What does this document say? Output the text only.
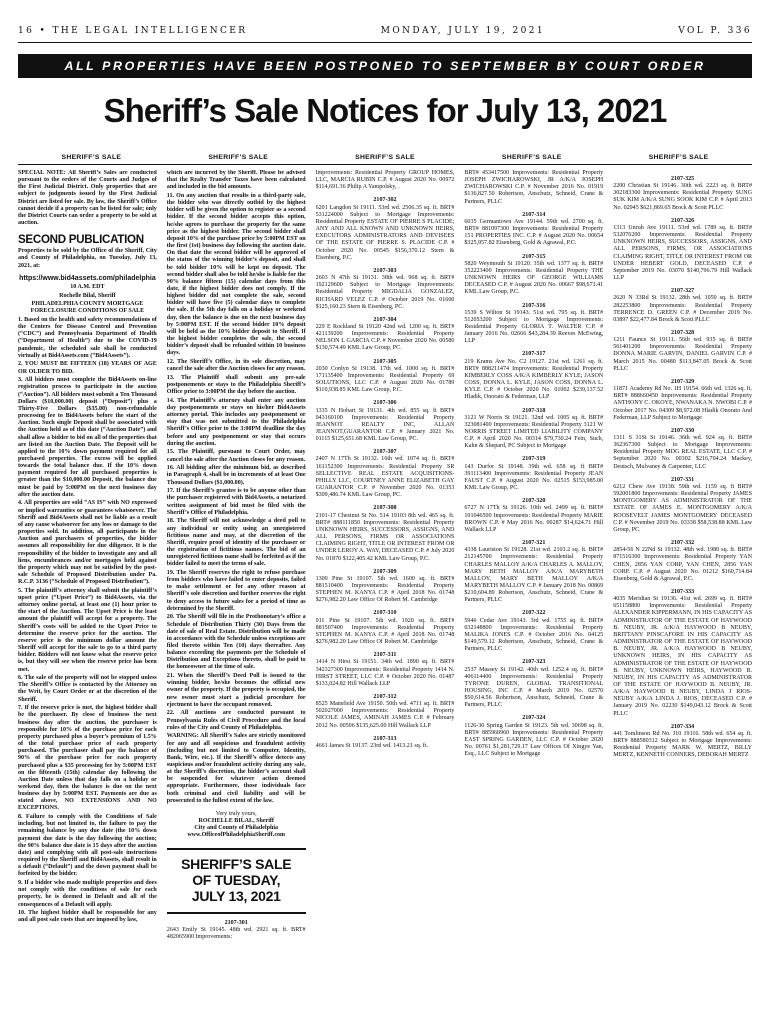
16 • THE LEGAL INTELLIGENCER	MONDAY, JULY 19, 2021	VOL P. 336
ALL PROPERTIES HAVE BEEN POSTPONED TO SEPTEMBER BY COURT ORDER
Sheriff’s Sale Notices for July 13, 2021
SHERIFF’S SALE	SHERIFF’S SALE	SHERIFF’S SALE	SHERIFF’S SALE	SHERIFF’S SALE

SPECIAL NOTE: All Sheriff’s Sales are conducted pursuant to the orders of the Courts and Judges of the First Judicial District. Only properties that are subject to judgments issued by the First Judicial District are listed for sale. By law, the Sheriff’s Office cannot decide if a property can be listed for sale; only the District Courts can order a property to be sold at auction.

SECOND PUBLICATION

Properties to be sold by the Office of the Sheriff, City and County of Philadelphia, on Tuesday, July 13, 2021, at:

https://www.bid4assets.com/philadelphia

10 A.M. EDT

Rochelle Bilal, Sheriff

PHILADELPHIA COUNTY MORTGAGE FORECLOSURE CONDITIONS OF SALE

1. Based on the health and safety recommendations of the Centers for Disease Control and Prevention (“CDC”) and Pennsylvania Department of Health (“Department of Health”) due to the COVID-19 pandemic, the scheduled sale shall be conducted virtually at Bid4Assets.com (“Bid4Assets”).

2. YOU MUST BE FIFTEEN (18) YEARS OF AGE OR OLDER TO BID.

3. All bidders must complete the Bid4Assets on-line registration process to participate in the auction (“Auction”). All bidders must submit a Ten Thousand Dollars ($10,000.00) deposit (“Deposit”) plus a Thirty-Five Dollars ($35.00) non-refundable processing fee to Bid4Assets before the start of the Auction. Such single Deposit shall be associated with the Auction held as of this date (“Auction Date”) and shall allow a bidder to bid on all of the properties that are listed on the Auction Date. The Deposit will be applied to the 10% down payment required for all purchased properties. The excess will be applied towards the total balance due. If the 10% down payment required for all purchased properties is greater than the $10,000.00 Deposit, the balance due must be paid by 5:00PM on the next business day after the auction date.

4. All properties are sold “AS IS” with NO expressed or implied warranties or guarantees whatsoever. The Sheriff and Bid4Assets shall not be liable as a result of any cause whatsoever for any loss or damage to the properties sold. In addition, all participants in the Auction and purchasers of properties, the bidder assumes all responsibility for due diligence. It is the responsibility of the bidder to investigate any and all liens, encumbrances and/or mortgages held against the property which may not be satisfied by the post-sale Schedule of Proposed Distribution under Pa. R.C.P. 3136 (“Schedule of Proposed Distribution”).

5. The plaintiff’s attorney shall submit the plaintiff’s upset price (“Upset Price”) to Bid4Assets, via the attorney online portal, at least one (1) hour prior to the start of the Auction. The Upset Price is the least amount the plaintiff will accept for a property. The Sheriff’s costs will be added to the Upset Price to determine the reserve price for the auction. The reserve price is the minimum dollar amount the Sheriff will accept for the sale to go to a third party bidder. Bidders will not know what the reserve price is, but they will see when the reserve price has been met.

6. The sale of the property will not be stopped unless The Sheriff’s Office is contacted by the Attorney on the Writ, by Court Order or at the discretion of the Sheriff.

7. If the reserve price is met, the highest bidder shall be the purchaser. By close of business the next business day after the auction, the purchaser is responsible for 10% of the purchase price for each property purchased plus a buyer’s premium of 1.5% of the total purchase price of each property purchased. The purchaser shall pay the balance of 90% of the purchase price for each property purchased plus a $35 processing fee by 5:00PM EST on the fifteenth (15th) calendar day following the Auction Date unless that day falls on a holiday or weekend day, then the balance is due on the next business day by 5:00PM EST. Payments are due as stated above, NO EXTENSIONS AND NO EXCEPTIONS.

8. Failure to comply with the Conditions of Sale including, but not limited to, the failure to pay the remaining balance by any due date (the 10% down payment due date is the day following the auction; the 90% balance due date is 15 days after the auction date) and complying with all post-sale instructions required by the Sheriff and Bid4Assets, shall result in a default (“Default”) and the down payment shall be forfeited by the bidder.

9. If a bidder who made multiple properties and does not comply with the conditions of sale for each property, he is deemed in Default and all of the consequences of a Default will apply.

10. The highest bidder shall be responsible for any and all post sale costs that are imposed by law,

which are incurred by the Sheriff. Please be advised that the Realty Transfer Taxes have been calculated and included in the bid amounts.

11. On any auction that results in a third-party sale, the bidder who was directly outbid by the highest bidder will be given the option to register as a second bidder. If the second bidder accepts this option, he/she agrees to purchase the property for the same price as the highest bidder. The second bidder shall deposit 10% of the purchase price by 5:00PM EST on the first (1st) business day following the auction date. On that date the second bidder will be approved of the status of the winning bidder’s deposit, and shall be told bidder 10% will be kept on deposit. The second bidder shall also be told he/she is liable for the 90% balance fifteen (15) calendar days from this date, if the highest bidder does not comply. If the highest bidder did not complete the sale, second bidder will have five (5) calendar days to complete the sale. If the 5th day falls on a holiday or weekend day, then the balance is due on the next business day by 5:00PM EST. If the second bidder 10% deposit will be held as the 10% bidder deposit to Sheriff. If the highest bidder completes the sale, the second bidder’s deposit shall be refunded within 10 business days.

12. The Sheriff’s Office, in its sole discretion, may cancel the sale after the Auction closes for any reason.

13. The Plaintiff shall submit any pre-sale postponements or stays to the Philadelphia Sheriff’s Office prior to 3:00PM the day before the auction.

14. The Plaintiff’s attorney shall enter any auction day postponements or stays on his/her Bid4Assets attorney portal. This includes any postponement or stay that was not submitted to the Philadelphia Sheriff’s Office prior to the 3:00PM deadline the day before and any postponement or stay that occurs during the auction.

15. The Plaintiff, pursuant to Court Order, may cancel the sale after the Auction closes for any reason.

16. All bidding after the minimum bid, as described in Paragraph 4, shall be in increments of at least One Thousand Dollars ($1,000.00).

17. If the Sheriff’s grantee is to be anyone other than the purchaser registered with Bid4Assets, a notarized written assignment of bid must be filed with the Sheriff’s Office of Philadelphia.

18. The Sheriff will not acknowledge a deed poll to any individual or entity using an unregistered fictitious name and may, at the discretion of the Sheriff, require proof of identity of the purchaser or the registration of fictitious names. The bid of an unregistered fictitious name shall be forfeited as if the bidder failed to meet the terms of sale.

19. The Sheriff reserves the right to refuse purchase from bidders who have failed to enter deposits, failed to make settlement or for any other reason at Sheriff’s sole discretion and further reserves the right to deny access to future sales for a period of time as determined by the Sheriff.

20. The Sheriff will file in the Prothonotary’s office a Schedule of Distribution Thirty (30) Days from the date of sale of Real Estate. Distribution will be made in accordance with the Schedule unless exceptions are filed thereto within Ten (10) days thereafter. Any balance exceeding the payments per the Schedule of Distribution and Exceptions thereto, shall be paid to the homeowner at the time of sale.

21. When the Sheriff’s Deed Poll is issued to the winning bidder, he/she becomes the official new owner of the property. If the property is occupied, the new owner must start a judicial procedure for ejectment to have the occupant removed.

22. All auctions are conducted pursuant to Pennsylvania Rules of Civil Procedure and the local rules of the City and County of Philadelphia.

WARNING: All Sheriff’s Sales are strictly monitored for any and all suspicious and fraudulent activity (including but not limited to Computer, Identity, Bank, Wire, etc.). If the Sheriff’s office detects any suspicious and/or fraudulent activity during any sale, at the Sheriff’s discretion, the bidder’s account shall be suspended for whatever action deemed appropriate. Furthermore, those individuals face both criminal and civil liability and will be prosecuted to the fullest extent of the law.

Very truly yours,
ROCHELLE BILAL, Sheriff
City and County of Philadelphia
www.OfficeofPhiladelphiaSheriff.com
SHERIFF’S SALE
OF TUESDAY,
JULY 13, 2021
2107-301

2643 Emily St 19145. 48th wd. 2921 sq. ft. BRT# 482065900 Improvements:

Improvements: Residential Property GROUP HOMES, LLC, MARCIA RUBIN C.P. # August 2020 No. 00972 $114,691.36 Philip A Yampolsky, .

2107-302

6201 Langdon St 19111. 53rd wd. 2506.35 sq. ft. BRT# 531224000 Subject to Mortgage Improvements: Residential Property ESTATE OF PIERRE S PLACIDE; ANY AND ALL KNOWN AND UNKNOWN HEIRS, EXECUTORS ADMINISTRATORS AND DEVISEES OF THE ESTATE OF PIERRE S. PLACIDE C.P. # October 2020 No. 00545 $156,370.12 Stern & Eisenberg, P.C.

2107-303

2603 N 47th St 19131. 38th wd. 968 sq. ft. BRT# 192129600 Subject to Mortgage Improvements: Residential Property MIGDALIA GONZALEZ, RICHARD VELEZ C.P. # October 2019 No. 01600 $125,160.23 Stern & Eisenberg, PC.

2107-304

229 E Rockland St 19120 42nd wd. 1200 sq. ft. BRT# 421139200 Improvements: Residential Property NELSON L GARCIA C.P. # November 2020 No. 00580 $130,574.49 KML Law Group, PC.

2107-305

2030 Conlyn St 19138. 17th wd. 1000 sq. ft. BRT# 171135400 Improvements: Residential Property 69 SOLUTIONS, LLC C.P. # August 2020 No. 01789 $110,938.85 KML Law Group, P.C.

2107-306

1335 N Hobart St 19131. 4th wd. 855 sq. ft BRT# 043160100 Improvements: Residential Property JEANNOT REALTY INC, ALLAN JEANNOT,GUARANTOR C.P. # January 2021 No. 01115 $125,651.68 KML Law Group, PC.

2107-307

2407 N 17Th St 19132. 16th wd. 1074 sq. ft. BRT# 161152300 Improvements: Residential Property SR SELLECTIVE REAL ESTATE ACQUISITIONS-PHILLY LLC, COURTNEY ANNE ELIZABETH GAY GUARANTOR C.P. # November 2020 No. 01353 $309,486.74 KML Law Group, PC.

2107-308

2101-17 Chestnut St No. 514 19103 8th wd. 465 sq. ft. BRT# 888111850 Improvements: Residential Property UNKNOWN HEIRS, SUCCESSORS, ASSIGNS, AND ALL PERSONS, FIRMS OR ASSOCIATIONS CLAIMING RIGHT, TITLE OR INTEREST FROM OR UNDER LEROY A. WAY, DECEASED C.P. # July 2020 No. 01870 $122,405.42 KML Law Group, P.C.

2107-309

1300 Pine St 19107. 5th wd. 1600 sq. ft. BRT# 881510400 Improvements: Residential Property STEPHEN M. KANYA C.P. # April 2018 No. 01748 $276,982.20 Law Office Of Robert M. Cambridge

2107-310

911 Pine St 19107. 5th wd. 1920 sq. ft. BRT# 881507400 Improvements: Residential Property STEPHEN M. KANYA C.P. # April 2018 No. 01748 $276,982.20 Law Office Of Robert M. Cambridge

2107-311

1414 N Hirst St 19151. 34th wd. 1890 sq. ft. BRT# 342327300 Improvements: Residential Property 1414 N. HIRST STREET, LLC C.P. # October 2020 No. 01487 $133,024.82 Hill Wallack LLP

2107-312

8525 Mansfield Ave 19150. 50th wd. 4711 sq. ft. BRT# 502027000 Improvements: Residential Property NICOLE JAMES, AMINAH JAMES C.P. # February 2012 No. 00506 $135,625.00 Hill Wallack LLP

2107-313

4661 James St 19137. 23rd wd. 1413.21 sq. ft.

BRT# 453417500 Improvements: Residential Property JOSEPH ZWICHAROWSKI, JR A/K/A JOSEPH ZWICHAROWSKI C.P. # November 2016 No. 01919 $136,827.50 Robertson, Anschutz, Schneid, Crane & Partners, PLLC

2107-314

6035 Germantown Ave 19144. 59th wd. 2700 sq. ft. BRT# 881097300 Improvements: Residential Property 151 PROPERTIES INC. C.P. # August 2020 No. 00654 $325,957.82 Eisenberg, Gold & Agrawal, P.C.

2107-315

5820 Weymouth St 19120. 35th wd. 1377 sq. ft. BRT# 352223400 Improvements: Residential Property THE UNKNOWN HEIRS OF GEORGE WILLIAMS DECEASED C.P. # August 2020 No. 00667 $98,671.41 KML Law Group, P.C.

2107-316

1539 S Wilton St 19143. 51st wd. 795 sq. ft. BRT# 512053200 Subject to Mortgage Improvements: Residential Property GLORIA T. WALTER C.P. # January 2016 No. 02666 $43,284.39 Reeves McEwing, LLP

2107-317

219 Krams Ave No. C2 19127. 21st wd. 1261 sq. ft. BRT# 888211474 Improvements: Residential Property KIMBERLY COSS A/K/A KIMBERLY KYLE; JASON COSS, DONNA L. KYLE, JASON COSS, DONNA L. KYLE C.P. # October 2020 No. 01002 $239,137.52 Hladik, Onorato & Federman, LLP

2107-318

3121 W Norris St 19121. 32nd wd. 1005 sq. ft. BRT# 323081400 Improvements: Residential Property 3121 W NORRIS STREET LIMITED LIABILITY COMPANY C.P. # April 2020 No. 00314 $79,730.24 Fein, Such, Kahn & Shepard, PC Subject to Mortgage

2107-319

143 Durfor St 19148. 39th wd. 658 sq. ft BRT# 391113400 Improvements: Residential Property JEAN FAUST C.P. # August 2020 No. 02515 $153,985.00 KML Law Group, PC.

2107-320

6727 N 17Th St 19126. 10th wd. 2499 sq. ft. BRT# 101046500 Improvements: Residential Property MARIE BROWN C.P. # May 2016 No. 00287 $14,624.71 Hill Wallack LLP

2107-321

4338 Lauriston St 19128. 21st wd. 2103.2 sq. ft. BRT# 212145700 Improvements: Residential Property CHARLES MALLOY A/K/A CHARLES A. MALLOY, MARY BETH MALLOY A/K/A MARYBETH MALLOY, MARY BETH MALLOY A/K/A MARYBETH MALLOY C.P. # January 2018 No. 00869 $210,604.89 Robertson, Anschutz, Schneid, Crane & Partners, PLLC

2107-322

5946 Cedar Ave 19143. 3rd wd. 1755 sq. ft. BRT# 032148800 Improvements: Residential Property MALIKA JONES C.P. # October 2016 No. 04125 $149,579.12 Robertson, Anschutz, Schneid, Crane & Partners, PLLC

2107-323

2537 Massey St 19142. 40th wd. 1252.4 sq. ft. BRT# 406114400 Improvements: Residential Property TYRONE DUREN, GLOBAL TRANSITIONAL HOUSING, INC C.P. # March 2019 No. 02570 $50,614.56 Robertson, Anschutz, Schneid, Crane & Partners, PLLC

2107-324

1126-30 Spring Garden St 19123. 5th wd. 30698 sq. ft. BRT# 885960960 Improvements: Residential Property EAST SPRING GARDEN, LLC C.P. # October 2020 No. 00761 $1,281,729.17 Law Offices Of Xingye Yan, Esq., LLC Subject to Mortgage

2107-325

2200 Christian St 19146. 30th wd. 2223 sq. ft BRT# 302183300 Improvements: Residential Property SUNG SUK KIM A/K/A SUNG SOOK KIM C.P. # April 2013 No. 02945 $621,869.65 Brock & Scott PLLC

2107-326

1313 Unruh Ave 19111. 53rd wd. 1789 sq. ft. BRT# 532076200 Improvements: Residential Property UNKNOWN HEIRS, SUCCESSORS, ASSIGNS, AND ALL PERSONS, FIRMS, OR ASSOCIATIONS CLAIMING RIGHT, TITLE OR INTEREST FROM OR UNDER HEBERT GOLD, DECEASED C.P. # September 2019 No. 03070 $140,796.79 Hill Wallack LLP

2107-327

2620 N 33Rd St 19132. 28th wd. 1050 sq. ft. BRT# 282253800 Improvements: Residential Property TERRENCE D. GREEN C.P. # December 2019 No. 03897 $22,477.84 Brock & Scott PLLC

2107-328

1211 Faunce St 19111. 56th wd. 935 sq. ft BRT# 561401200 Improvements: Residential Property DONNA MARIE GARVIN, DANIEL GARVIN C.P. # March 2015 No. 00480 $113,847.05 Brock & Scott PLLC

2107-329

11871 Academy Rd No. 1H 19154. 66th wd. 1326 sq. ft. BRT# 888660450 Improvements: Residential Property ANTHONY C. OKOYE, NWANAKA N. NWOBI C.P. # October 2017 No. 04309 $8,972.08 Hladik Onorato And Federman, LLP Subject to Mortgage

2107-330

1311 S 31St St 19146. 36th wd. 924 sq. ft. BRT# 362367300 Subject to Mortgage Improvements: Residential Property MDG REAL ESTATE, LLC C.P. # September 2020 No. 00302 $216,704.24 Mackey, Deutsch, Mulvaney & Carpenter, LLC

2107-331

6212 Chew Ave 19138. 59th wd. 1159 sq. ft BRT# 592001800 Improvements: Residential Property JAMES MONTGOMERY AS ADMINISTRATOR OF THE ESTATE OF JAMES E. MONTGOMERY A/K/A ROOSEVELT JAMES MONTGOMERY DECEASED C.P. # November 2019 No. 03338 $58,538.88 KML Law Group, PC.

2107-332

2854-56 N 22Nd St 19132. 48th wd. 1980 sq. ft. BRT# 871516300 Improvements: Residential Property YAN CHEN, 2856 YAN CORP, YAN CHEN, 2856 YAN CORP. C.P. # August 2020 No. 01212 $160,714.84 Eisenberg, Gold & Agrawal, P.C.

2107-333

4035 Meridian St 19136. 41st wd. 2699 sq. ft. BRT# 651158800 Improvements: Residential Property ALEXANDER KIPPERMANN, IN HIS CAPACITY AS ADMINISTRATOR OF THE ESTATE OF HAYWOOD B. NEUBY, JR. A/K/A HAYWOOD B NEUBY, BRITTANY PINSCAFORE IN HIS CAPACITY AS ADMINISTRATOR OF THE ESTATE OF HAYWOOD B. NEUBY, JR. A/K/A HAYWOOD B NEUBY, UNKNOWN HEIRS, IN HIS CAPACITY AS ADMINISTRATOR OF THE ESTATE OF HAYWOOD B. NEUBY, UNKNOWN HEIRS, HAYWOOD B. NEUBY, IN HIS CAPACITY AS ADMINISTRATOR OF THE ESTATE OF HAYWOOD B. NEUBY, JR. A/K/A HAYWOOD B NEUBY, LINDA J RIOS-NEUBY A/K/A LINDA J. RIOS, DECEASED C.P. # January 2019 No. 02230 $149,043.12 Brock & Scott PLLC

2107-334

441 Tomlinson Rd No. J10 19116. 58th wd. 654 sq. ft. BRT# 888580312 Subject to Mortgage Improvements: Residential Property MARK W. MERTZ, BILLY MERTZ, KENNETH CONNERS, DEBORAH MERTZ
